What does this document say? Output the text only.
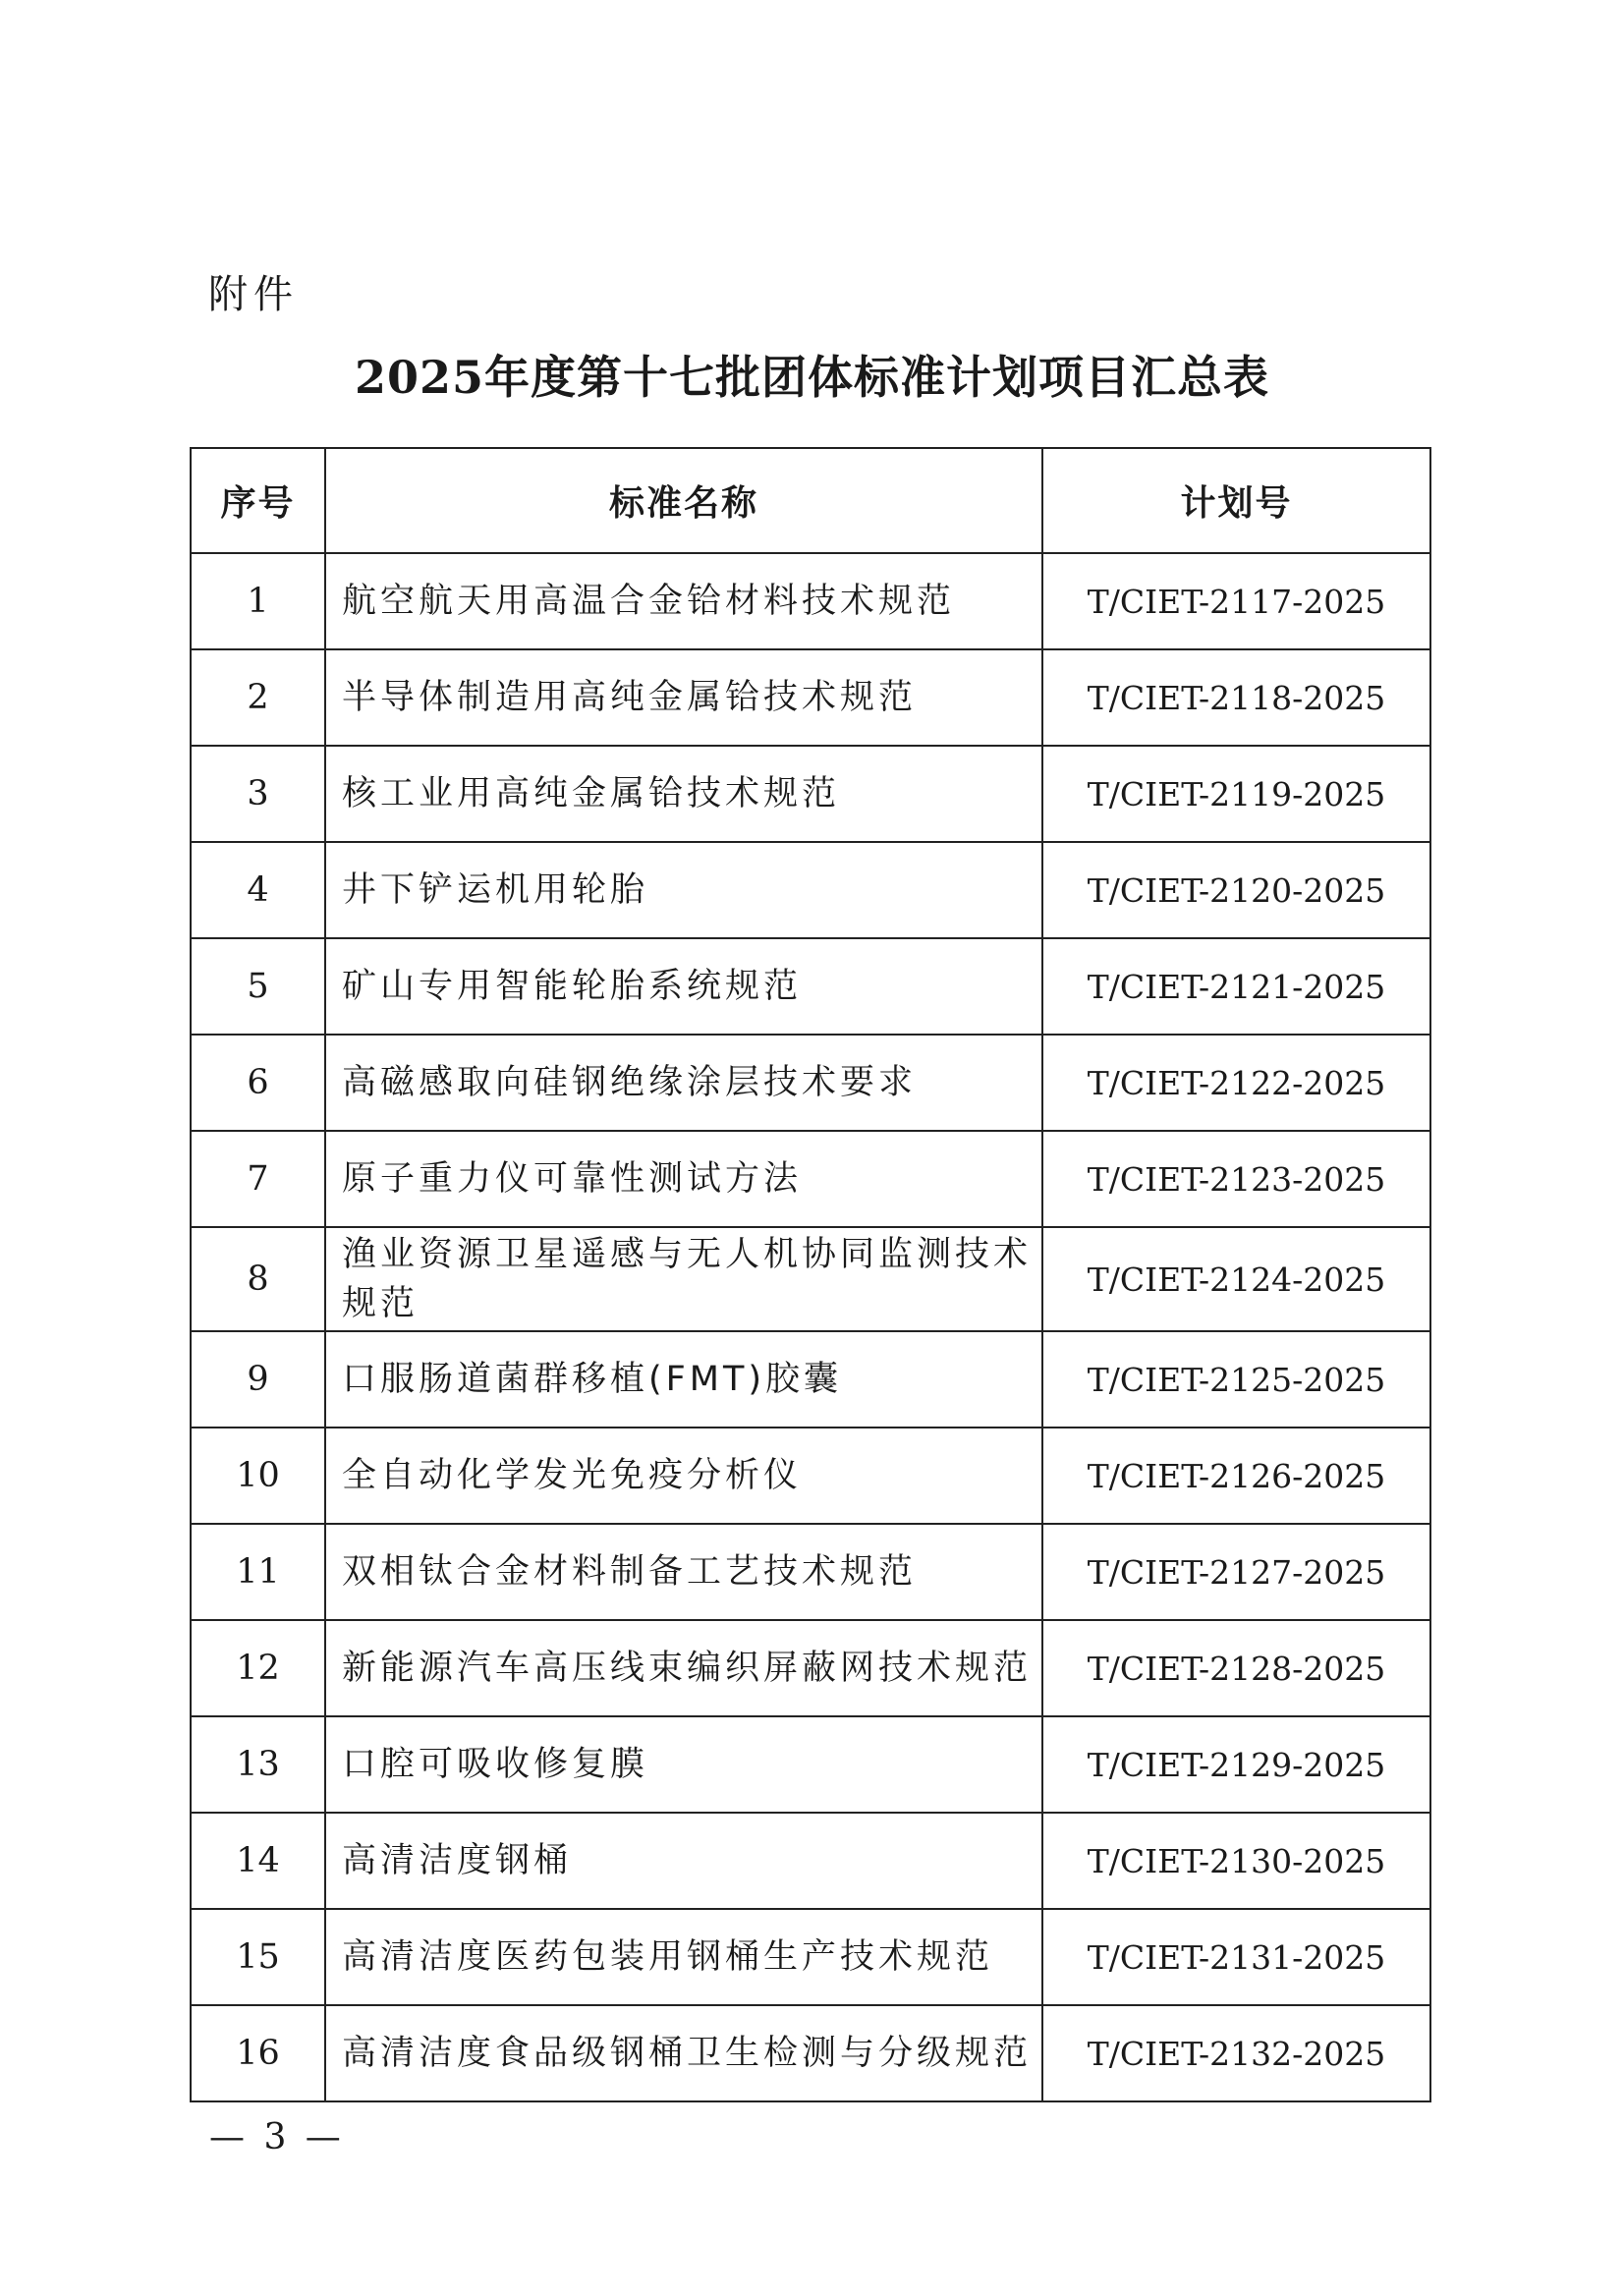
附件
2025年度第十七批团体标准计划项目汇总表
序号	标准名称	计划号
1	航空航天用高温合金铪材料技术规范	T/CIET-2117-2025
2	半导体制造用高纯金属铪技术规范	T/CIET-2118-2025
3	核工业用高纯金属铪技术规范	T/CIET-2119-2025
4	井下铲运机用轮胎	T/CIET-2120-2025
5	矿山专用智能轮胎系统规范	T/CIET-2121-2025
6	高磁感取向硅钢绝缘涂层技术要求	T/CIET-2122-2025
7	原子重力仪可靠性测试方法	T/CIET-2123-2025
8	渔业资源卫星遥感与无人机协同监测技术规范	T/CIET-2124-2025
9	口服肠道菌群移植(FMT)胶囊	T/CIET-2125-2025
10	全自动化学发光免疫分析仪	T/CIET-2126-2025
11	双相钛合金材料制备工艺技术规范	T/CIET-2127-2025
12	新能源汽车高压线束编织屏蔽网技术规范	T/CIET-2128-2025
13	口腔可吸收修复膜	T/CIET-2129-2025
14	高清洁度钢桶	T/CIET-2130-2025
15	高清洁度医药包装用钢桶生产技术规范	T/CIET-2131-2025
16	高清洁度食品级钢桶卫生检测与分级规范	T/CIET-2132-2025
— 3 —
